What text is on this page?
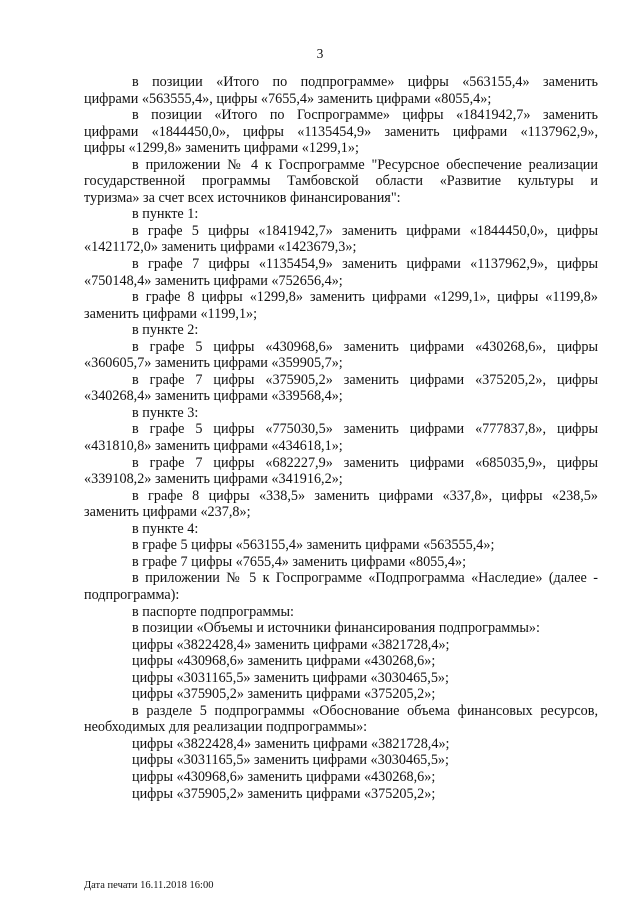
3
в позиции «Итого по подпрограмме» цифры «563155,4» заменить
цифрами «563555,4», цифры «7655,4» заменить цифрами «8055,4»;
в позиции «Итого по Госпрограмме» цифры «1841942,7» заменить
цифрами «1844450,0», цифры «1135454,9» заменить цифрами «1137962,9»,
цифры «1299,8» заменить цифрами «1299,1»;
в приложении № 4 к Госпрограмме "Ресурсное обеспечение реализации
государственной программы Тамбовской области «Развитие культуры и
туризма» за счет всех источников финансирования":
в пункте 1:
в графе 5 цифры «1841942,7» заменить цифрами «1844450,0», цифры
«1421172,0» заменить цифрами «1423679,3»;
в графе 7 цифры «1135454,9» заменить цифрами «1137962,9», цифры
«750148,4» заменить цифрами «752656,4»;
в графе 8 цифры «1299,8» заменить цифрами «1299,1», цифры «1199,8»
заменить цифрами «1199,1»;
в пункте 2:
в графе 5 цифры «430968,6» заменить цифрами «430268,6», цифры
«360605,7» заменить цифрами «359905,7»;
в графе 7 цифры «375905,2» заменить цифрами «375205,2», цифры
«340268,4» заменить цифрами «339568,4»;
в пункте 3:
в графе 5 цифры «775030,5» заменить цифрами «777837,8», цифры
«431810,8» заменить цифрами «434618,1»;
в графе 7 цифры «682227,9» заменить цифрами «685035,9», цифры
«339108,2» заменить цифрами «341916,2»;
в графе 8 цифры «338,5» заменить цифрами «337,8», цифры «238,5»
заменить цифрами «237,8»;
в пункте 4:
в графе 5 цифры «563155,4» заменить цифрами «563555,4»;
в графе 7 цифры «7655,4» заменить цифрами «8055,4»;
в приложении № 5 к Госпрограмме «Подпрограмма «Наследие» (далее -
подпрограмма):
в паспорте подпрограммы:
в позиции «Объемы и источники финансирования подпрограммы»:
цифры «3822428,4» заменить цифрами «3821728,4»;
цифры «430968,6» заменить цифрами «430268,6»;
цифры «3031165,5» заменить цифрами «3030465,5»;
цифры «375905,2» заменить цифрами «375205,2»;
в разделе 5 подпрограммы «Обоснование объема финансовых ресурсов,
необходимых для реализации подпрограммы»:
цифры «3822428,4» заменить цифрами «3821728,4»;
цифры «3031165,5» заменить цифрами «3030465,5»;
цифры «430968,6» заменить цифрами «430268,6»;
цифры «375905,2» заменить цифрами «375205,2»;
Дата печати 16.11.2018 16:00
